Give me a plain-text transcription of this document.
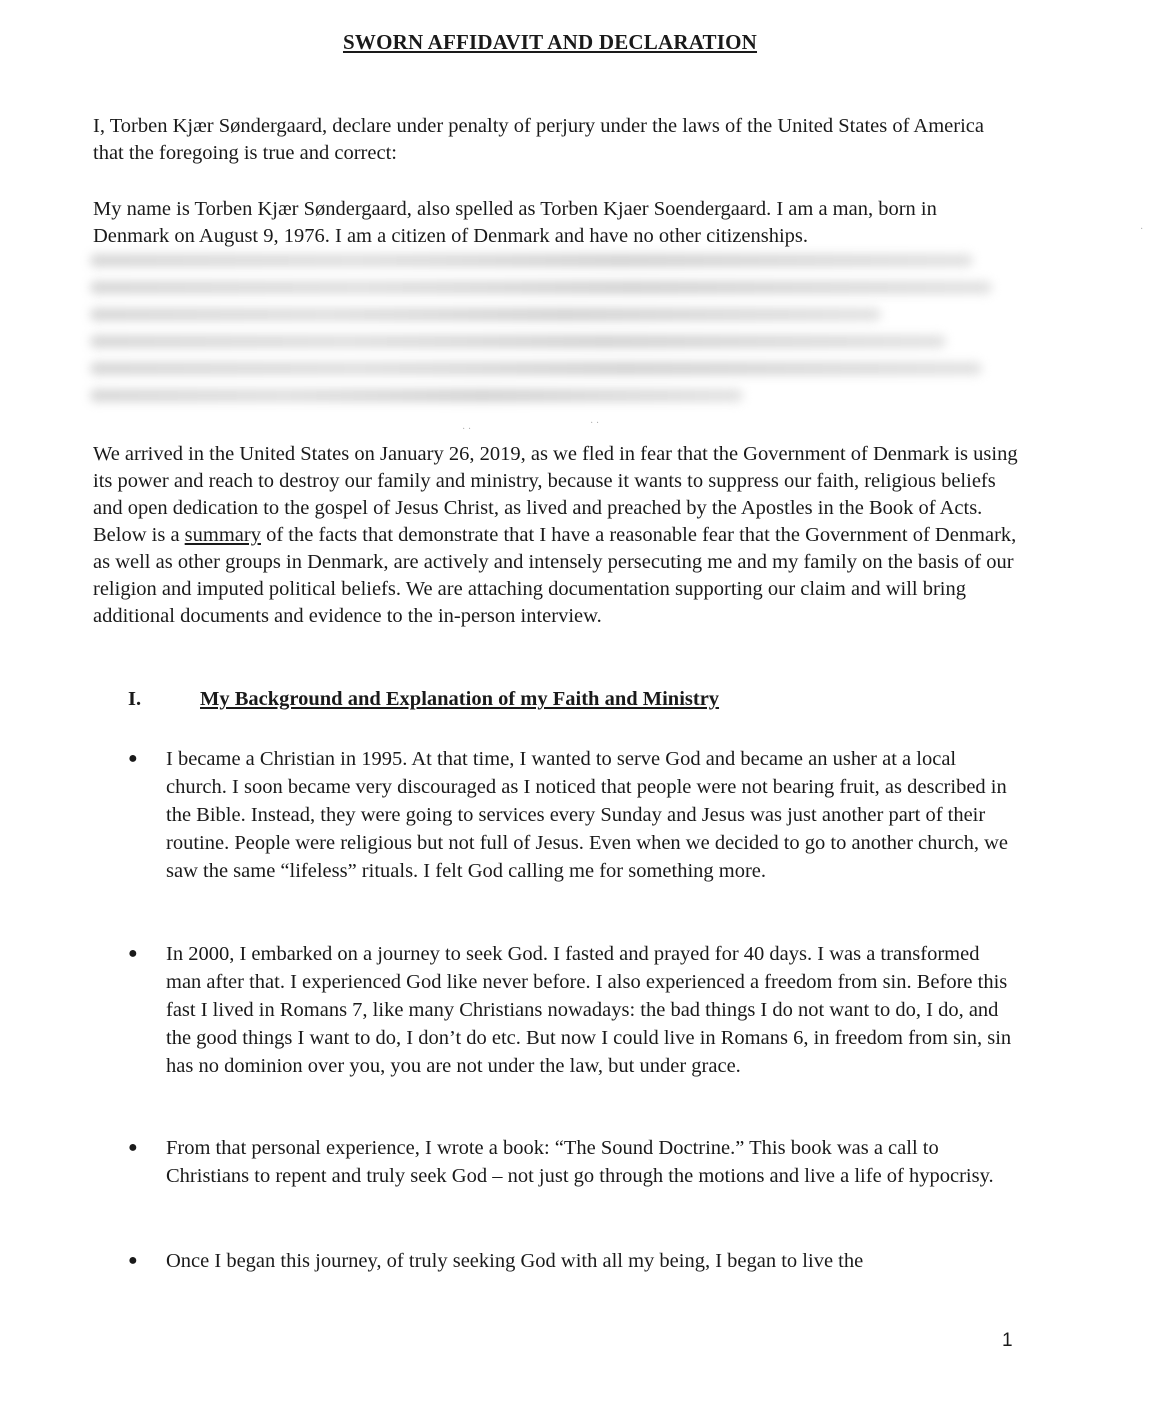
SWORN AFFIDAVIT AND DECLARATION

I, Torben Kjær Søndergaard, declare under penalty of perjury under the laws of the United States of America that the foregoing is true and correct:

My name is Torben Kjær Søndergaard, also spelled as Torben Kjaer Soendergaard. I am a man, born in Denmark on August 9, 1976. I am a citizen of Denmark and have no other citizenships.

· ·
· ·
·

We arrived in the United States on January 26, 2019, as we fled in fear that the Government of Denmark is using its power and reach to destroy our family and ministry, because it wants to suppress our faith, religious beliefs and open dedication to the gospel of Jesus Christ, as lived and preached by the Apostles in the Book of Acts. Below is a summary of the facts that demonstrate that I have a reasonable fear that the Government of Denmark, as well as other groups in Denmark, are actively and intensely persecuting me and my family on the basis of our religion and imputed political beliefs. We are attaching documentation supporting our claim and will bring additional documents and evidence to the in-person interview.

I.	My Background and Explanation of my Faith and Ministry
●	I became a Christian in 1995. At that time, I wanted to serve God and became an usher at a local church. I soon became very discouraged as I noticed that people were not bearing fruit, as described in the Bible. Instead, they were going to services every Sunday and Jesus was just another part of their routine. People were religious but not full of Jesus. Even when we decided to go to another church, we saw the same “lifeless” rituals. I felt God calling me for something more.
●	In 2000, I embarked on a journey to seek God. I fasted and prayed for 40 days. I was a transformed man after that. I experienced God like never before. I also experienced a freedom from sin. Before this fast I lived in Romans 7, like many Christians nowadays: the bad things I do not want to do, I do, and the good things I want to do, I don’t do etc. But now I could live in Romans 6, in freedom from sin, sin has no dominion over you, you are not under the law, but under grace.
●	From that personal experience, I wrote a book: “The Sound Doctrine.” This book was a call to Christians to repent and truly seek God – not just go through the motions and live a life of hypocrisy.
●	Once I began this journey, of truly seeking God with all my being, I began to live the
1
